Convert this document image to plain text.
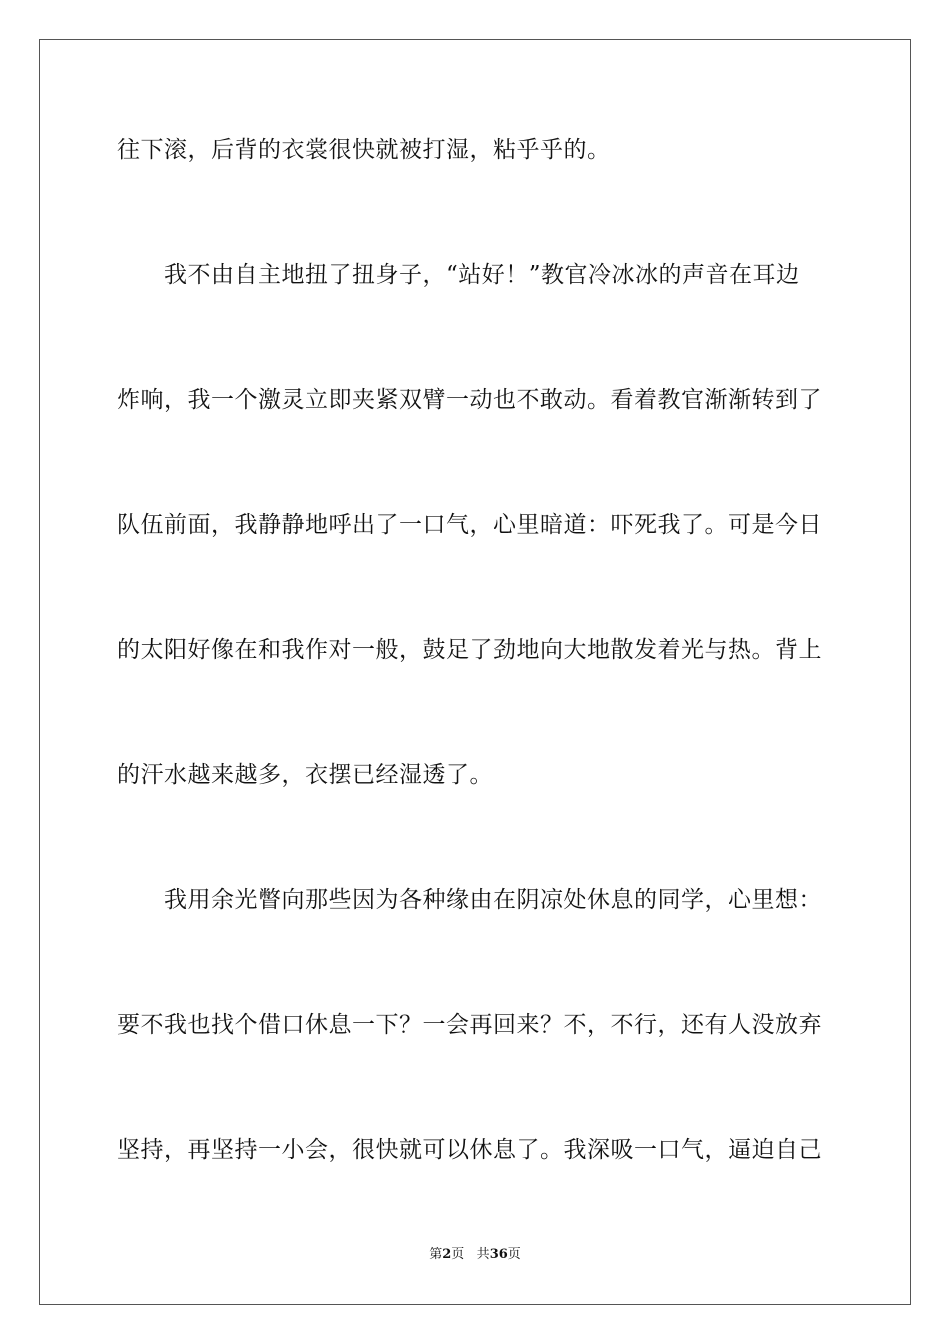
往下滚，后背的衣裳很快就被打湿，粘乎乎的。
　　我不由自主地扭了扭身子，“站好！”教官冷冰冰的声音在耳边
炸响，我一个激灵立即夹紧双臂一动也不敢动。看着教官渐渐转到了
队伍前面，我静静地呼出了一口气，心里暗道：吓死我了。可是今日
的太阳好像在和我作对一般，鼓足了劲地向大地散发着光与热。背上
的汗水越来越多，衣摆已经湿透了。
　　我用余光瞥向那些因为各种缘由在阴凉处休息的同学，心里想：
要不我也找个借口休息一下？一会再回来？不，不行，还有人没放弃
坚持，再坚持一小会，很快就可以休息了。我深吸一口气，逼迫自己
第2页 共36页
